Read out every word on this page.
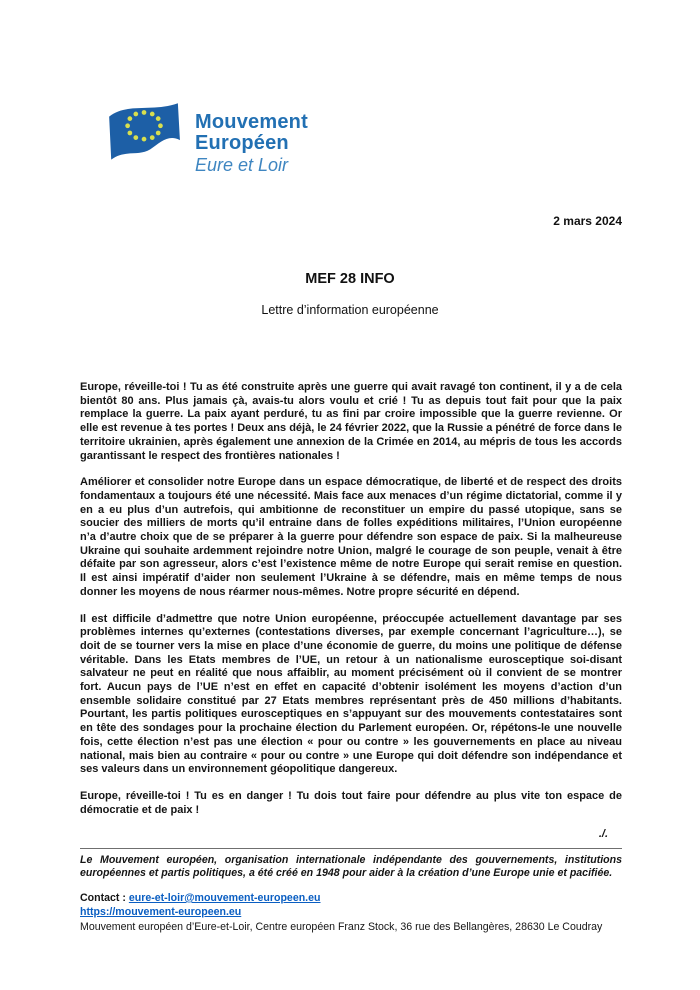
Mouvement
Européen
Eure et Loir
2 mars 2024
MEF 28 INFO
Lettre d’information européenne

Europe, réveille-toi ! Tu as été construite après une guerre qui avait ravagé ton continent, il y a de cela bientôt 80 ans. Plus jamais çà, avais-tu alors voulu et crié ! Tu as depuis tout fait pour que la paix remplace la guerre. La paix ayant perduré, tu as fini par croire impossible que la guerre revienne. Or elle est revenue à tes portes ! Deux ans déjà, le 24 février 2022, que la Russie a pénétré de force dans le territoire ukrainien, après également une annexion de la Crimée en 2014, au mépris de tous les accords garantissant le respect des frontières nationales !

Améliorer et consolider notre Europe dans un espace démocratique, de liberté et de respect des droits fondamentaux a toujours été une nécessité. Mais face aux menaces d’un régime dictatorial, comme il y en a eu plus d’un autrefois, qui ambitionne de reconstituer un empire du passé utopique, sans se soucier des milliers de morts qu’il entraine dans de folles expéditions militaires, l’Union européenne n’a d’autre choix que de se préparer à la guerre pour défendre son espace de paix. Si la malheureuse Ukraine qui souhaite ardemment rejoindre notre Union, malgré le courage de son peuple, venait à être défaite par son agresseur, alors c’est l’existence même de notre Europe qui serait remise en question. Il est ainsi impératif d’aider non seulement l’Ukraine à se défendre, mais en même temps de nous donner les moyens de nous réarmer nous-mêmes. Notre propre sécurité en dépend.

Il est difficile d’admettre que notre Union européenne, préoccupée actuellement davantage par ses problèmes internes qu’externes (contestations diverses, par exemple concernant l’agriculture…), se doit de se tourner vers la mise en place d’une économie de guerre, du moins une politique de défense véritable. Dans les Etats membres de l’UE, un retour à un nationalisme eurosceptique soi-disant salvateur ne peut en réalité que nous affaiblir, au moment précisément où il convient de se montrer fort. Aucun pays de l’UE n’est en effet en capacité d’obtenir isolément les moyens d’action d’un ensemble solidaire constitué par 27 Etats membres représentant près de 450 millions d’habitants. Pourtant, les partis politiques eurosceptiques en s’appuyant sur des mouvements contestataires sont en tête des sondages pour la prochaine élection du Parlement européen. Or, répétons-le une nouvelle fois, cette élection n’est pas une élection « pour ou contre » les gouvernements en place au niveau national, mais bien au contraire « pour ou contre » une Europe qui doit défendre son indépendance et ses valeurs dans un environnement géopolitique dangereux.

Europe, réveille-toi ! Tu es en danger ! Tu dois tout faire pour défendre au plus vite ton espace de démocratie et de paix !

./.
Le Mouvement européen, organisation internationale indépendante des gouvernements, institutions européennes et partis politiques, a été créé en 1948 pour aider à la création d’une Europe unie et pacifiée.
Contact : eure-et-loir@mouvement-europeen.eu
https://mouvement-europeen.eu
Mouvement européen d’Eure-et-Loir, Centre européen Franz Stock, 36 rue des Bellangères, 28630 Le Coudray
